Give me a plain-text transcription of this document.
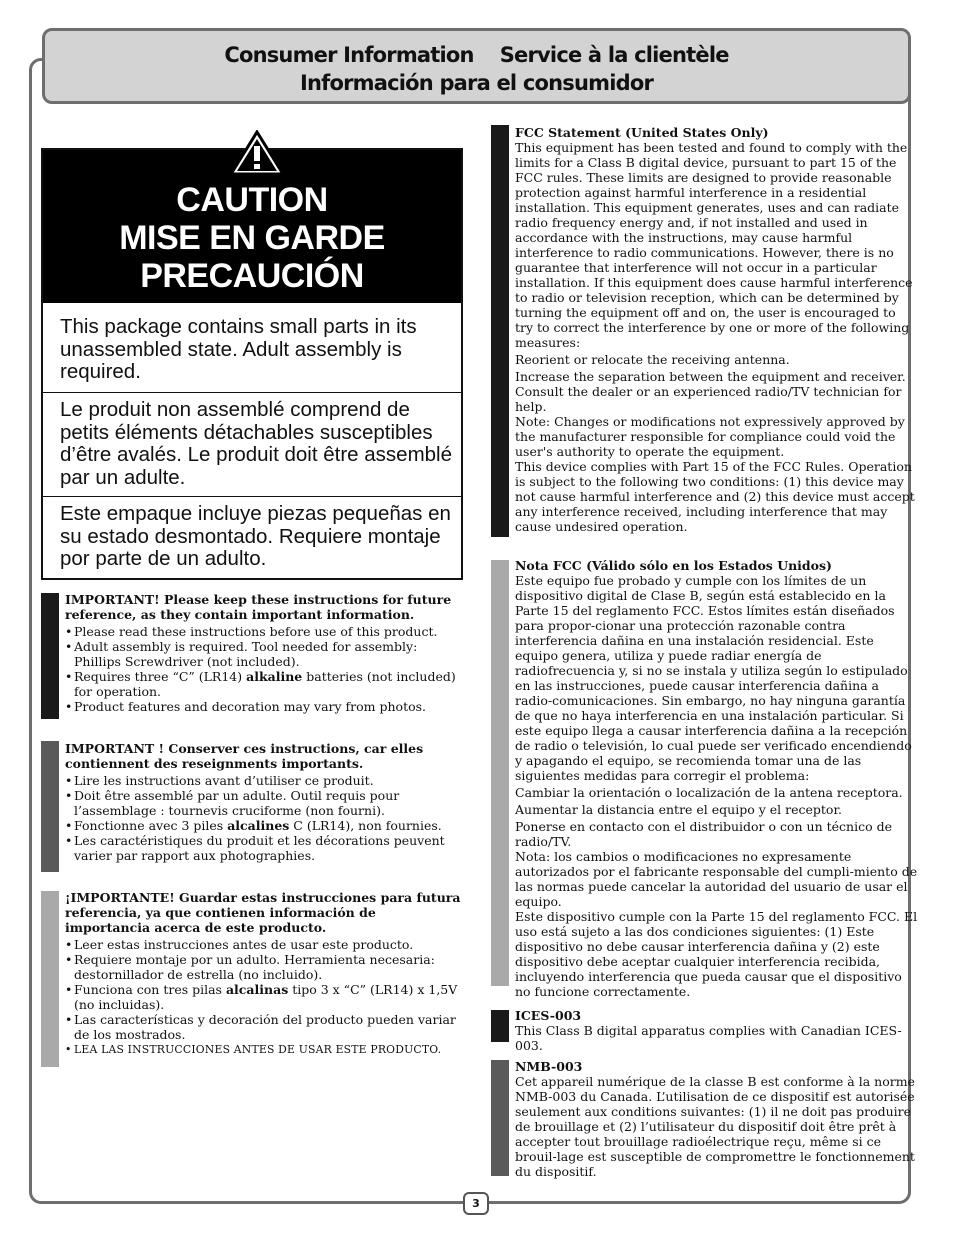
Consumer Information Service à la clientèle
Información para el consumidor
CAUTION
MISE EN GARDE
PRECAUCIÓN
This package contains small parts in its unassembled state. Adult assembly is required.
Le produit non assemblé comprend de petits éléments détachables susceptibles d’être avalés. Le produit doit être assemblé par un adulte.
Este empaque incluye piezas pequeñas en su estado desmontado. Requiere montaje por parte de un adulto.
IMPORTANT! Please keep these instructions for future reference, as they contain important information.
• Please read these instructions before use of this product.
• Adult assembly is required. Tool needed for assembly: Phillips Screwdriver (not included).
• Requires three “C” (LR14) alkaline batteries (not included) for operation.
• Product features and decoration may vary from photos.
IMPORTANT ! Conserver ces instructions, car elles contiennent des reseignments importants.
• Lire les instructions avant d’utiliser ce produit.
• Doit être assemblé par un adulte. Outil requis pour l’assemblage : tournevis cruciforme (non fourni).
• Fonctionne avec 3 piles alcalines C (LR14), non fournies.
• Les caractéristiques du produit et les décorations peuvent varier par rapport aux photographies.
¡IMPORTANTE! Guardar estas instrucciones para futura referencia, ya que contienen información de importancia acerca de este producto.
• Leer estas instrucciones antes de usar este producto.
• Requiere montaje por un adulto. Herramienta necesaria: destornillador de estrella (no incluido).
• Funciona con tres pilas alcalinas tipo 3 x “C” (LR14) x 1,5V (no incluidas).
• Las características y decoración del producto pueden variar de los mostrados.
• LEA LAS INSTRUCCIONES ANTES DE USAR ESTE PRODUCTO.
FCC Statement (United States Only)

This equipment has been tested and found to comply with the limits for a Class B digital device, pursuant to part 15 of the FCC rules. These limits are designed to provide reasonable protection against harmful interference in a residential installation. This equipment generates, uses and can radiate radio frequency energy and, if not installed and used in accordance with the instructions, may cause harmful interference to radio communications. However, there is no guarantee that interference will not occur in a particular installation. If this equipment does cause harmful interference to radio or television reception, which can be determined by turning the equipment off and on, the user is encouraged to try to correct the interference by one or more of the following measures:

Reorient or relocate the receiving antenna.

Increase the separation between the equipment and receiver.

Consult the dealer or an experienced radio/TV technician for help.

Note: Changes or modifications not expressively approved by the manufacturer responsible for compliance could void the user's authority to operate the equipment.

This device complies with Part 15 of the FCC Rules. Operation is subject to the following two conditions: (1) this device may not cause harmful interference and (2) this device must accept any interference received, including interference that may cause undesired operation.

Nota FCC (Válido sólo en los Estados Unidos)

Este equipo fue probado y cumple con los límites de un dispositivo digital de Clase B, según está establecido en la Parte 15 del reglamento FCC. Estos límites están diseñados para propor-cionar una protección razonable contra interferencia dañina en una instalación residencial. Este equipo genera, utiliza y puede radiar energía de radiofrecuencia y, si no se instala y utiliza según lo estipulado en las instrucciones, puede causar interferencia dañina a radio-comunicaciones. Sin embargo, no hay ninguna garantía de que no haya interferencia en una instalación particular. Si este equipo llega a causar interferencia dañina a la recepción de radio o televisión, lo cual puede ser verificado encendiendo y apagando el equipo, se recomienda tomar una de las siguientes medidas para corregir el problema:

Cambiar la orientación o localización de la antena receptora.

Aumentar la distancia entre el equipo y el receptor.

Ponerse en contacto con el distribuidor o con un técnico de radio/TV.

Nota: los cambios o modificaciones no expresamente autorizados por el fabricante responsable del cumpli-miento de las normas puede cancelar la autoridad del usuario de usar el equipo.

Este dispositivo cumple con la Parte 15 del reglamento FCC. El uso está sujeto a las dos condiciones siguientes: (1) Este dispositivo no debe causar interferencia dañina y (2) este dispositivo debe aceptar cualquier interferencia recibida, incluyendo interferencia que pueda causar que el dispositivo no funcione correctamente.

ICES-003

This Class B digital apparatus complies with Canadian ICES-003.

NMB-003

Cet appareil numérique de la classe B est conforme à la norme NMB-003 du Canada. L’utilisation de ce dispositif est autorisée seulement aux conditions suivantes: (1) il ne doit pas produire de brouillage et (2) l’utilisateur du dispositif doit être prêt à accepter tout brouillage radioélectrique reçu, même si ce brouil-lage est susceptible de compromettre le fonctionnement du dispositif.

3
